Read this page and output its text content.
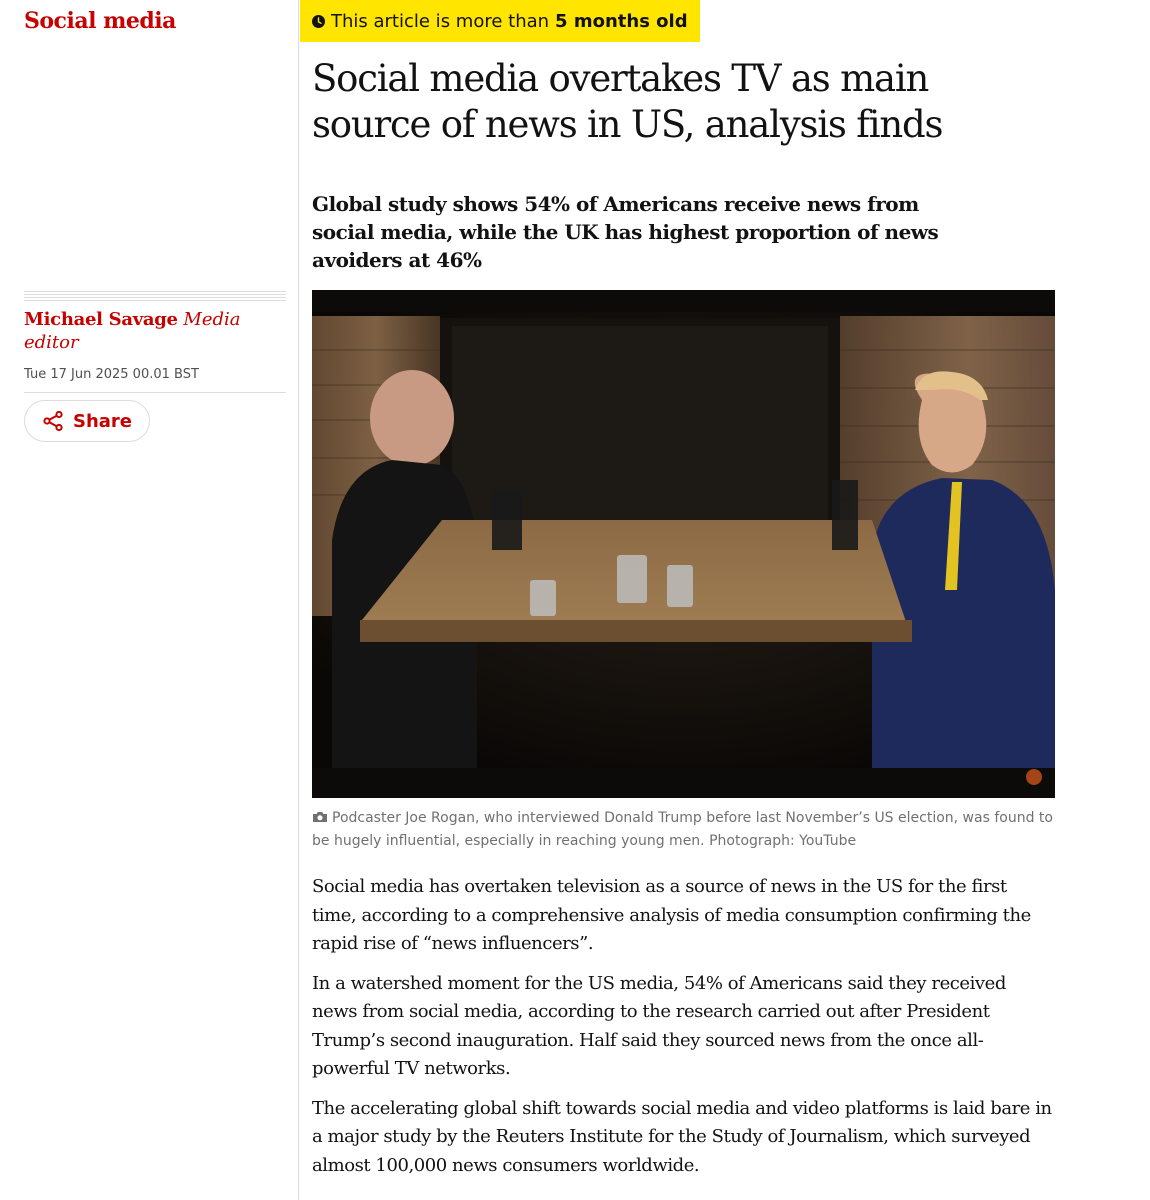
Social media
Michael Savage Media editor
Tue 17 Jun 2025 00.01 BST
Share
This article is more than 5 months old
Social media overtakes TV as main source of news in US, analysis finds

Global study shows 54% of Americans receive news from social media, while the UK has highest proportion of news avoiders at 46%

Podcaster Joe Rogan, who interviewed Donald Trump before last November’s US election, was found to be hugely influential, especially in reaching young men. Photograph: YouTube

Social media has overtaken television as a source of news in the US for the first time, according to a comprehensive analysis of media consumption confirming the rapid rise of “news influencers”.

In a watershed moment for the US media, 54% of Americans said they received news from social media, according to the research carried out after President Trump’s second inauguration. Half said they sourced news from the once all-powerful TV networks.

The accelerating global shift towards social media and video platforms is laid bare in a major study by the Reuters Institute for the Study of Journalism, which surveyed almost 100,000 news consumers worldwide.
